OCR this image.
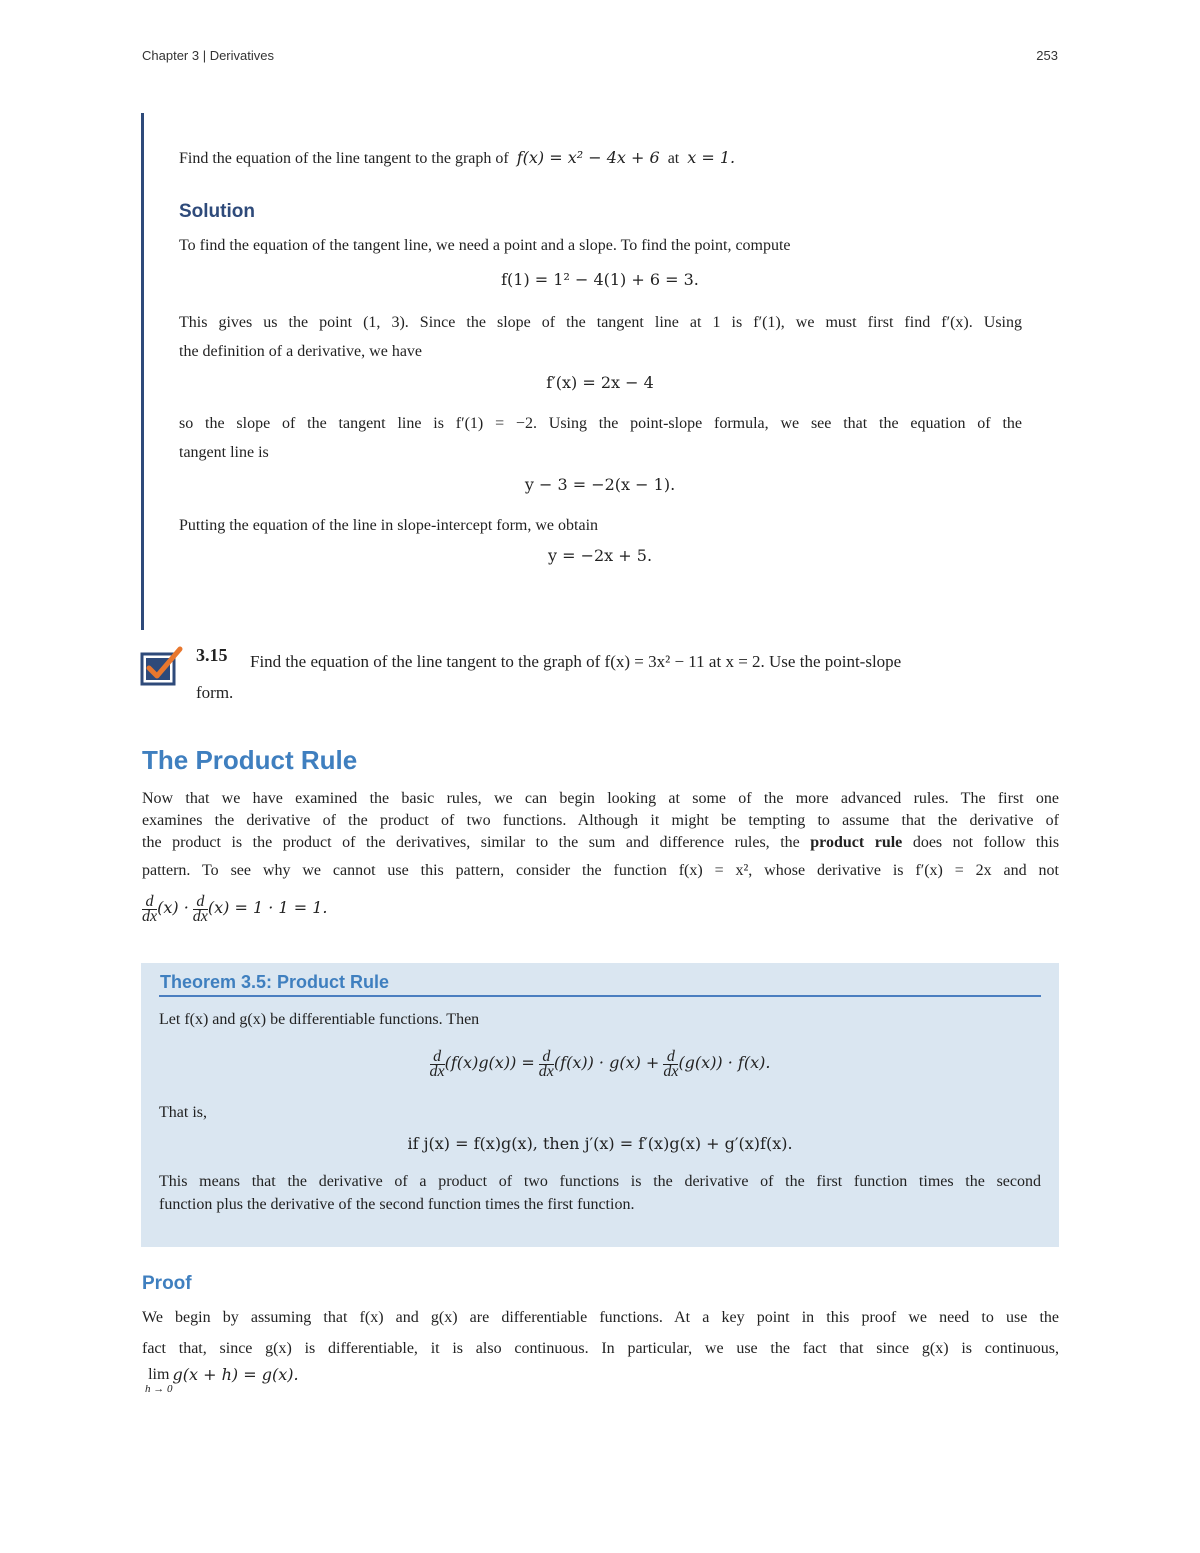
Chapter 3 | Derivatives	253
Find the equation of the line tangent to the graph of f(x) = x² − 4x + 6 at x = 1.
Solution
To find the equation of the tangent line, we need a point and a slope. To find the point, compute
f(1) = 1² − 4(1) + 6 = 3.
This gives us the point (1, 3). Since the slope of the tangent line at 1 is f′(1), we must first find f′(x). Using
the definition of a derivative, we have
f′(x) = 2x − 4
so the slope of the tangent line is f′(1) = −2. Using the point-slope formula, we see that the equation of the
tangent line is
y − 3 = −2(x − 1).
Putting the equation of the line in slope-intercept form, we obtain
y = −2x + 5.
3.15 Find the equation of the line tangent to the graph of f(x) = 3x² − 11 at x = 2. Use the point-slope
form.
The Product Rule
Now that we have examined the basic rules, we can begin looking at some of the more advanced rules. The first one
examines the derivative of the product of two functions. Although it might be tempting to assume that the derivative of
the product is the product of the derivatives, similar to the sum and difference rules, the product rule does not follow this
pattern. To see why we cannot use this pattern, consider the function f(x) = x², whose derivative is f′(x) = 2x and not
$\frac{d}{dx} (x) \cdot \frac{d}{dx} (x) = 1 \cdot 1 = 1$.
Theorem 3.5: Product Rule
Let f(x) and g(x) be differentiable functions. Then
$\frac{d}{dx} (f(x)g(x)) = \frac{d}{dx} (f(x)) \cdot g(x) + \frac{d}{dx} (g(x)) \cdot f(x)$.
That is,
if j(x) = f(x)g(x), then j′(x) = f′(x)g(x) + g′(x)f(x).
This means that the derivative of a product of two functions is the derivative of the first function times the second
function plus the derivative of the second function times the first function.
Proof
We begin by assuming that f(x) and g(x) are differentiable functions. At a key point in this proof we need to use the
fact that, since g(x) is differentiable, it is also continuous. In particular, we use the fact that since g(x) is continuous,
lim
h → 0
g(x + h) = g(x).
